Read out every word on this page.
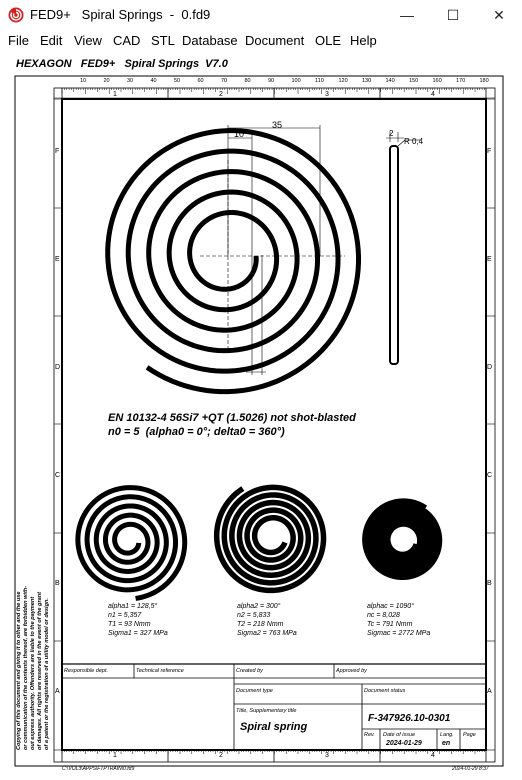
FED9+   Spiral Springs  -  0.fd9	—	☐	✕
File Edit View CAD STL Database Document OLE Help
HEXAGON   FED9+   Spiral Springs  V7.0
10	20	30	40	50	60	70	80	90	100	110	120	130	140	150	160	170	180
1
1
2
2
3
3
4
4
F	F
E	E
D	D
C	C
B	B
A	A
35
10	2
R 0,4
EN 10132-4 56Si7 +QT (1.5026) not shot-blasted
n0 = 5  (alpha0 = 0°; delta0 = 360°)
alpha1 = 128,5°
n1 = 5,357
T1 = 93 Nmm
Sigma1 = 327 MPa
alpha2 = 300°
n2 = 5,833
T2 = 218 Nmm
Sigma2 = 763 MPa
alphac = 1090°
nc = 8,028
Tc = 791 Nmm
Sigmac = 2772 MPa
Copying of this document and giving it to other and the use or communication of the contents thereof, are forbidden with- out express authority. Offenders are liable to the payment of damages. All rights are reserved in the event of the grant of a patent or the registration of a utility model or design.	Responsible dept.	Technical reference	Created by	Approved by
Document type	Document status
Title, Supplementary title
Spiral spring
F-347926.10-0301
Rev. Date of issue
2024-01-29
Lang.
en
Page
C:\VOL3\APPS\FTPTRAIN\0.fd9	2024-01-29 8:37
